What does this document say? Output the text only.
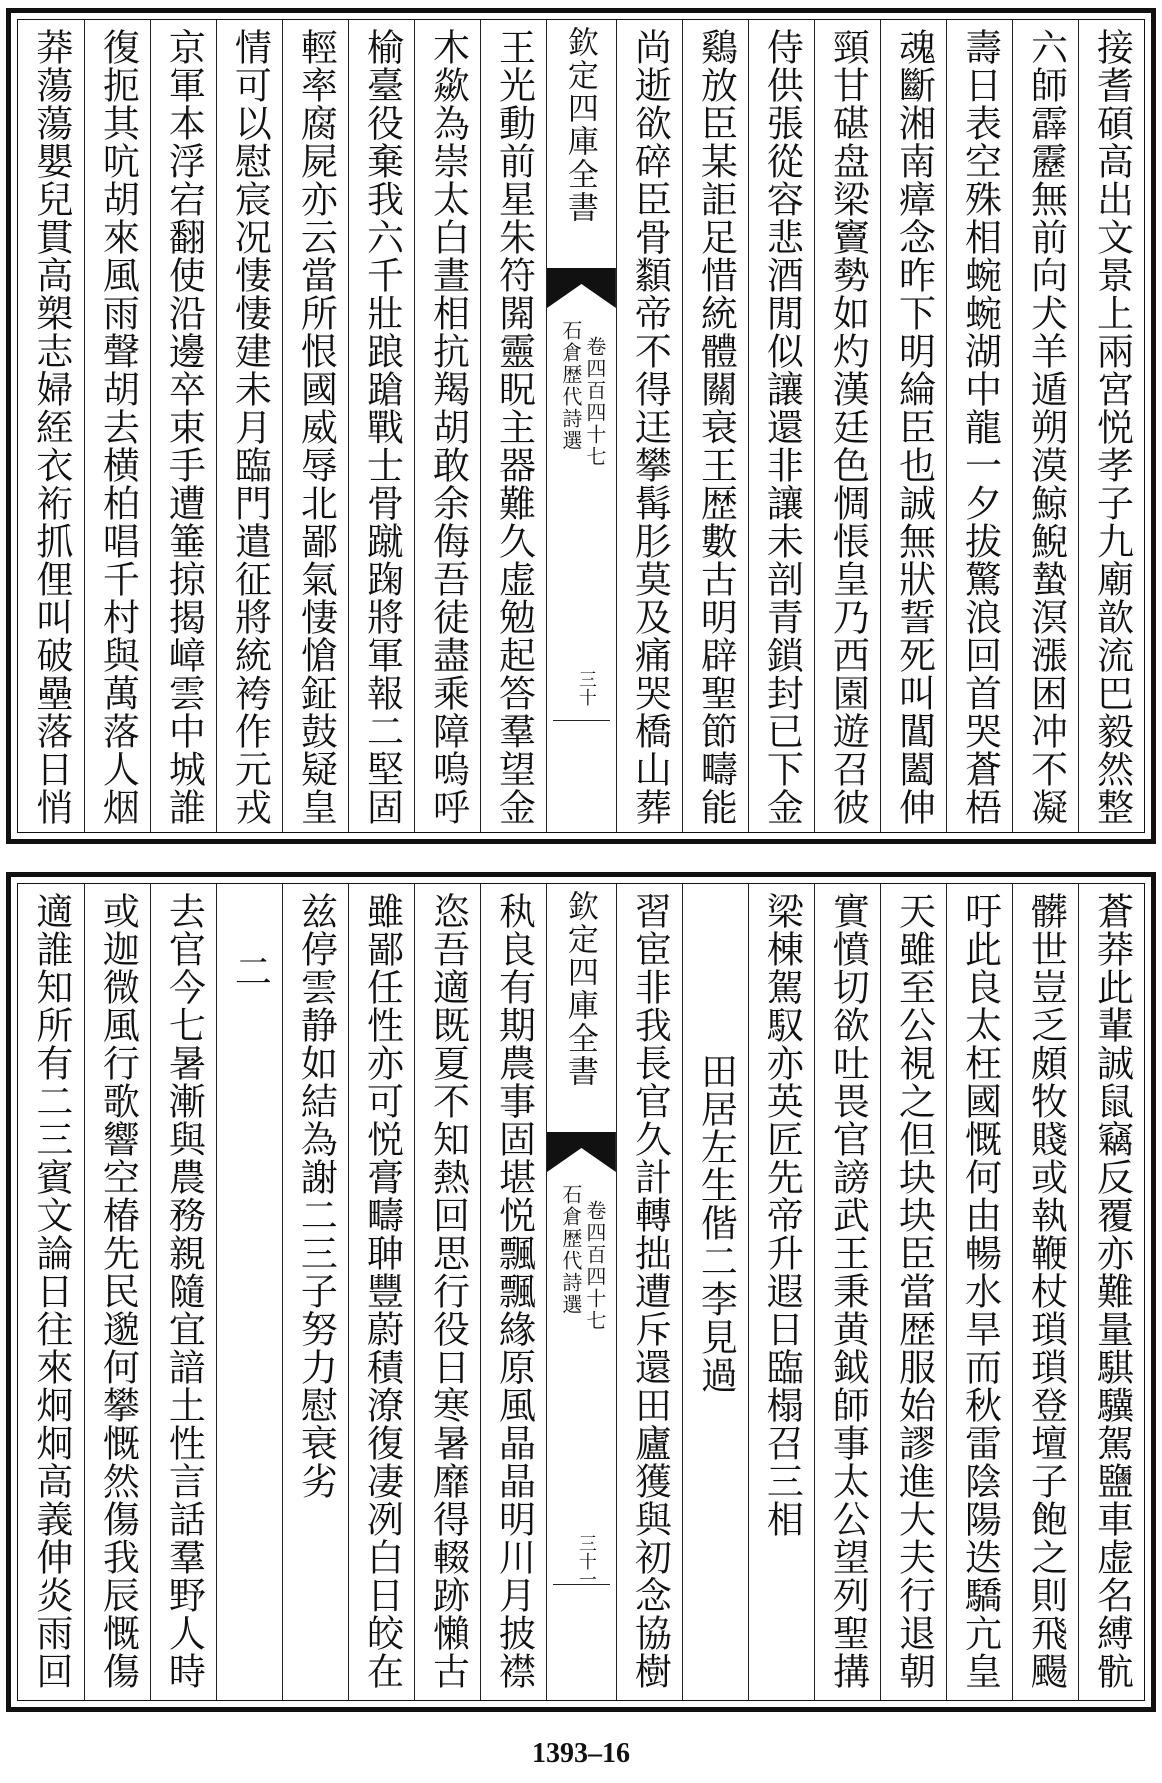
接耆碩高出文景上兩宮悦孝子九廟歆流巴毅然整
六師霹靂無前向犬羊遁朔漠鯨鯢蟄溟漲困冲不凝
壽日表空殊相蜿蜿湖中龍一夕拔驚浪回首哭蒼梧
魂斷湘南瘴念昨下明綸臣也誠無狀誓死叫閶闔伸
頸甘碪盘梁竇勢如灼漢廷色惆悵皇乃西園遊召彼
侍供張從容悲酒閒似讓還非讓未剖青鎖封已下金
鷄放臣某詎足惜統體關衰王歴數古明辟聖節疇能
尚逝欲碎臣骨纇帝不得迋攀髯肜莫及痛哭橋山葬
欽定四庫全書
石倉歴代詩選 卷四百四十七
三十
王光動前星朱符閞靈眖主器難久虚勉起答羣望金
木歘為崇太白晝相抗羯胡敢余侮吾徒盡乘障嗚呼
榆臺役棄我六千壯踉蹌戰士骨蹴踘將軍報二堅固
輕率腐屍亦云當所恨國威辱北鄙氣悽愴鉦鼓疑皇
情可以慰宸况悽悽建未月臨門遣征將統袴作元戎
京軍本浮宕翻使沿邊卒束手遭箠掠揭嶂雲中城誰
復扼其吭胡來風雨聲胡去横柏唱千村與萬落人烟
莽蕩蕩嬰兒貫高槊志婦絰衣裄抓俚叫破壘落日悄
蒼莽此輩誠鼠竊反覆亦難量騏驥駕鹽車虚名縛骯
髒世豈乏頗牧賤或執鞭杖瑣瑣登壇子飽之則飛颺
吁此良太枉國慨何由暢水旱而秋雷陰陽迭驕亢皇
天雖至公視之但块块臣當歴服始謬進大夫行退朝
實憤切欲吐畏官謗武王秉黄鉞師事太公望列聖搆
梁棟駕馭亦英匠先帝升遐日臨榻召三相
田居左生偕二李見過
習宦非我長官久計轉拙遭斥還田廬獲與初念協樹
欽定四庫全書
石倉歴代詩選 卷四百四十七
三十一
秇良有期農事固堪悦飄飄緣原風晶晶明川月披襟
恣吾適既夏不知熱回思行役日寒暑靡得輟跡懶古
雖鄙任性亦可悦膏疇䎶豐蔚積潦復凄冽白日皎在
兹停雲静如結為謝二三子努力慰衰劣
二
去官今七暑漸與農務親隨宜諳土性言話羣野人時
或迦微風行歌響空椿先民邈何攀慨然傷我辰慨傷
適誰知所有二三賓文論日往來炯炯高義伸炎雨回
1393–16
